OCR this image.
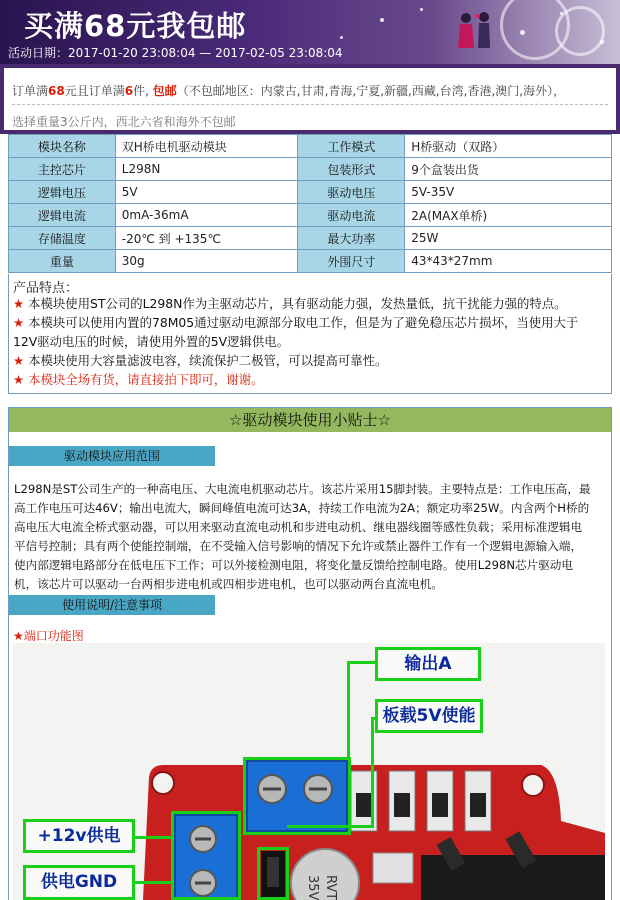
买满68元我包邮
活动日期：2017-01-20 23:08:04 — 2017-02-05 23:08:04
订单满68元且订单满6件, 包邮（不包邮地区：内蒙古,甘肃,青海,宁夏,新疆,西藏,台湾,香港,澳门,海外），
选择重量3公斤内，西北六省和海外不包邮
模块名称	双H桥电机驱动模块	工作模式	H桥驱动（双路）
主控芯片	L298N	包装形式	9个盒装出货
逻辑电压	5V	驱动电压	5V-35V
逻辑电流	0mA-36mA	驱动电流	2A(MAX单桥)
存储温度	-20℃ 到 +135℃	最大功率	25W
重量	30g	外围尺寸	43*43*27mm
产品特点：
★ 本模块使用ST公司的L298N作为主驱动芯片，具有驱动能力强，发热量低，抗干扰能力强的特点。
★ 本模块可以使用内置的78M05通过驱动电源部分取电工作，但是为了避免稳压芯片损坏，当使用大于
12V驱动电压的时候，请使用外置的5V逻辑供电。
★ 本模块使用大容量滤波电容，续流保护二极管，可以提高可靠性。
★ 本模块全场有货，请直接拍下即可，谢谢。
☆驱动模块使用小贴士☆
驱动模块应用范围
L298N是ST公司生产的一种高电压、大电流电机驱动芯片。该芯片采用15脚封装。主要特点是：工作电压高，最
高工作电压可达46V；输出电流大，瞬间峰值电流可达3A，持续工作电流为2A；额定功率25W。内含两个H桥的
高电压大电流全桥式驱动器，可以用来驱动直流电动机和步进电动机、继电器线圈等感性负载；采用标准逻辑电
平信号控制；具有两个使能控制端，在不受输入信号影响的情况下允许或禁止器件工作有一个逻辑电源输入端，
使内部逻辑电路部分在低电压下工作；可以外接检测电阻，将变化量反馈给控制电路。使用L298N芯片驱动电
机，该芯片可以驱动一台两相步进电机或四相步进电机，也可以驱动两台直流电机。
使用说明/注意事项
★端口功能图
35V RVT
输出A
板载5V使能
+12v供电
供电GND
